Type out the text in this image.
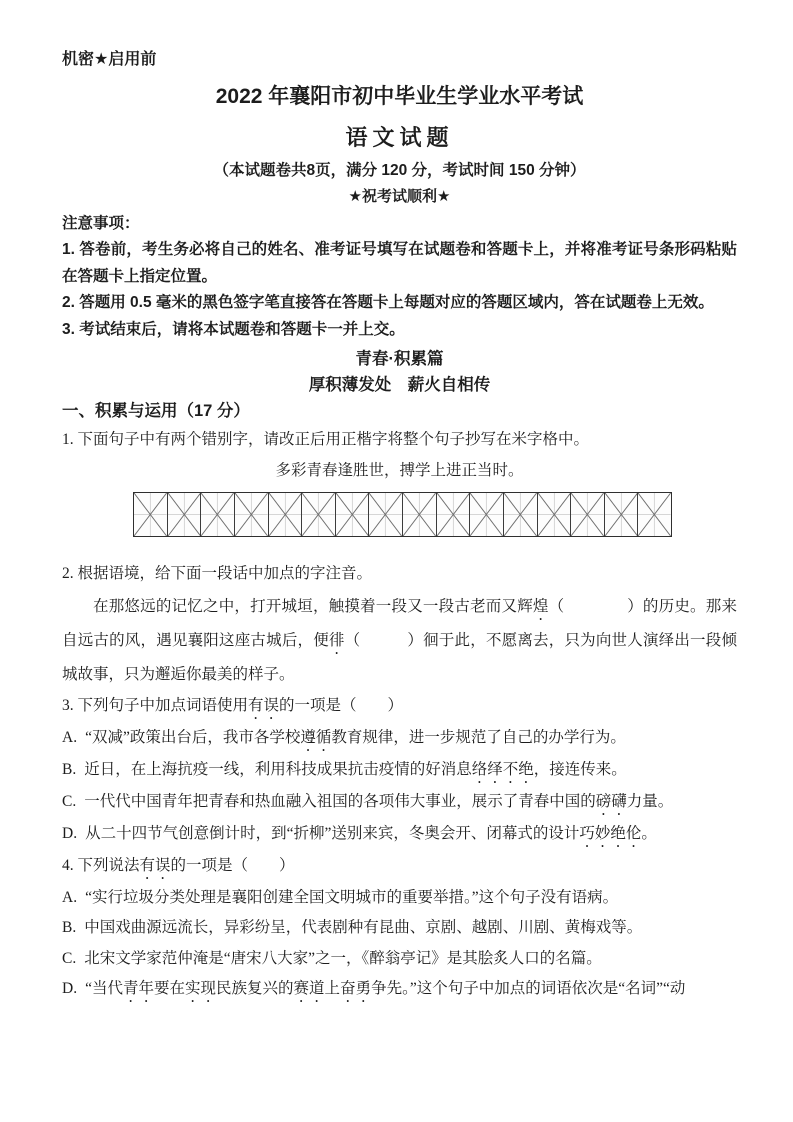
机密★启用前
2022 年襄阳市初中毕业生学业水平考试
语文试题
（本试题卷共8页，满分 120 分，考试时间 150 分钟）
★祝考试顺利★
注意事项：

1. 答卷前，考生务必将自己的姓名、准考证号填写在试题卷和答题卡上，并将准考证号条形码粘贴在答题卡上指定位置。

2. 答题用 0.5 毫米的黑色签字笔直接答在答题卡上每题对应的答题区域内，答在试题卷上无效。

3. 考试结束后，请将本试题卷和答题卡一并上交。

青春·积累篇
厚积薄发处　薪火自相传
一、积累与运用（17 分）

1. 下面句子中有两个错别字，请改正后用正楷字将整个句子抄写在米字格中。

多彩青春逢胜世，搏学上进正当时。

2. 根据语境，给下面一段话中加点的字注音。

在那悠远的记忆之中，打开城垣，触摸着一段又一段古老而又辉煌（　　　　）的历史。那来自远古的风，遇见襄阳这座古城后，便徘（　　　）徊于此，不愿离去，只为向世人演绎出一段倾城故事，只为邂逅你最美的样子。

3. 下列句子中加点词语使用有误的一项是（　　）

A. “双减”政策出台后，我市各学校遵循教育规律，进一步规范了自己的办学行为。

B. 近日，在上海抗疫一线，利用科技成果抗击疫情的好消息络绎不绝，接连传来。

C. 一代代中国青年把青春和热血融入祖国的各项伟大事业，展示了青春中国的磅礴力量。

D. 从二十四节气创意倒计时，到“折柳”送别来宾，冬奥会开、闭幕式的设计巧妙绝伦。

4. 下列说法有误的一项是（　　）

A. “实行垃圾分类处理是襄阳创建全国文明城市的重要举措。”这个句子没有语病。

B. 中国戏曲源远流长，异彩纷呈，代表剧种有昆曲、京剧、越剧、川剧、黄梅戏等。

C. 北宋文学家范仲淹是“唐宋八大家”之一，《醉翁亭记》是其脍炙人口的名篇。

D. “当代青年要在实现民族复兴的赛道上奋勇争先。”这个句子中加点的词语依次是“名词”“动
